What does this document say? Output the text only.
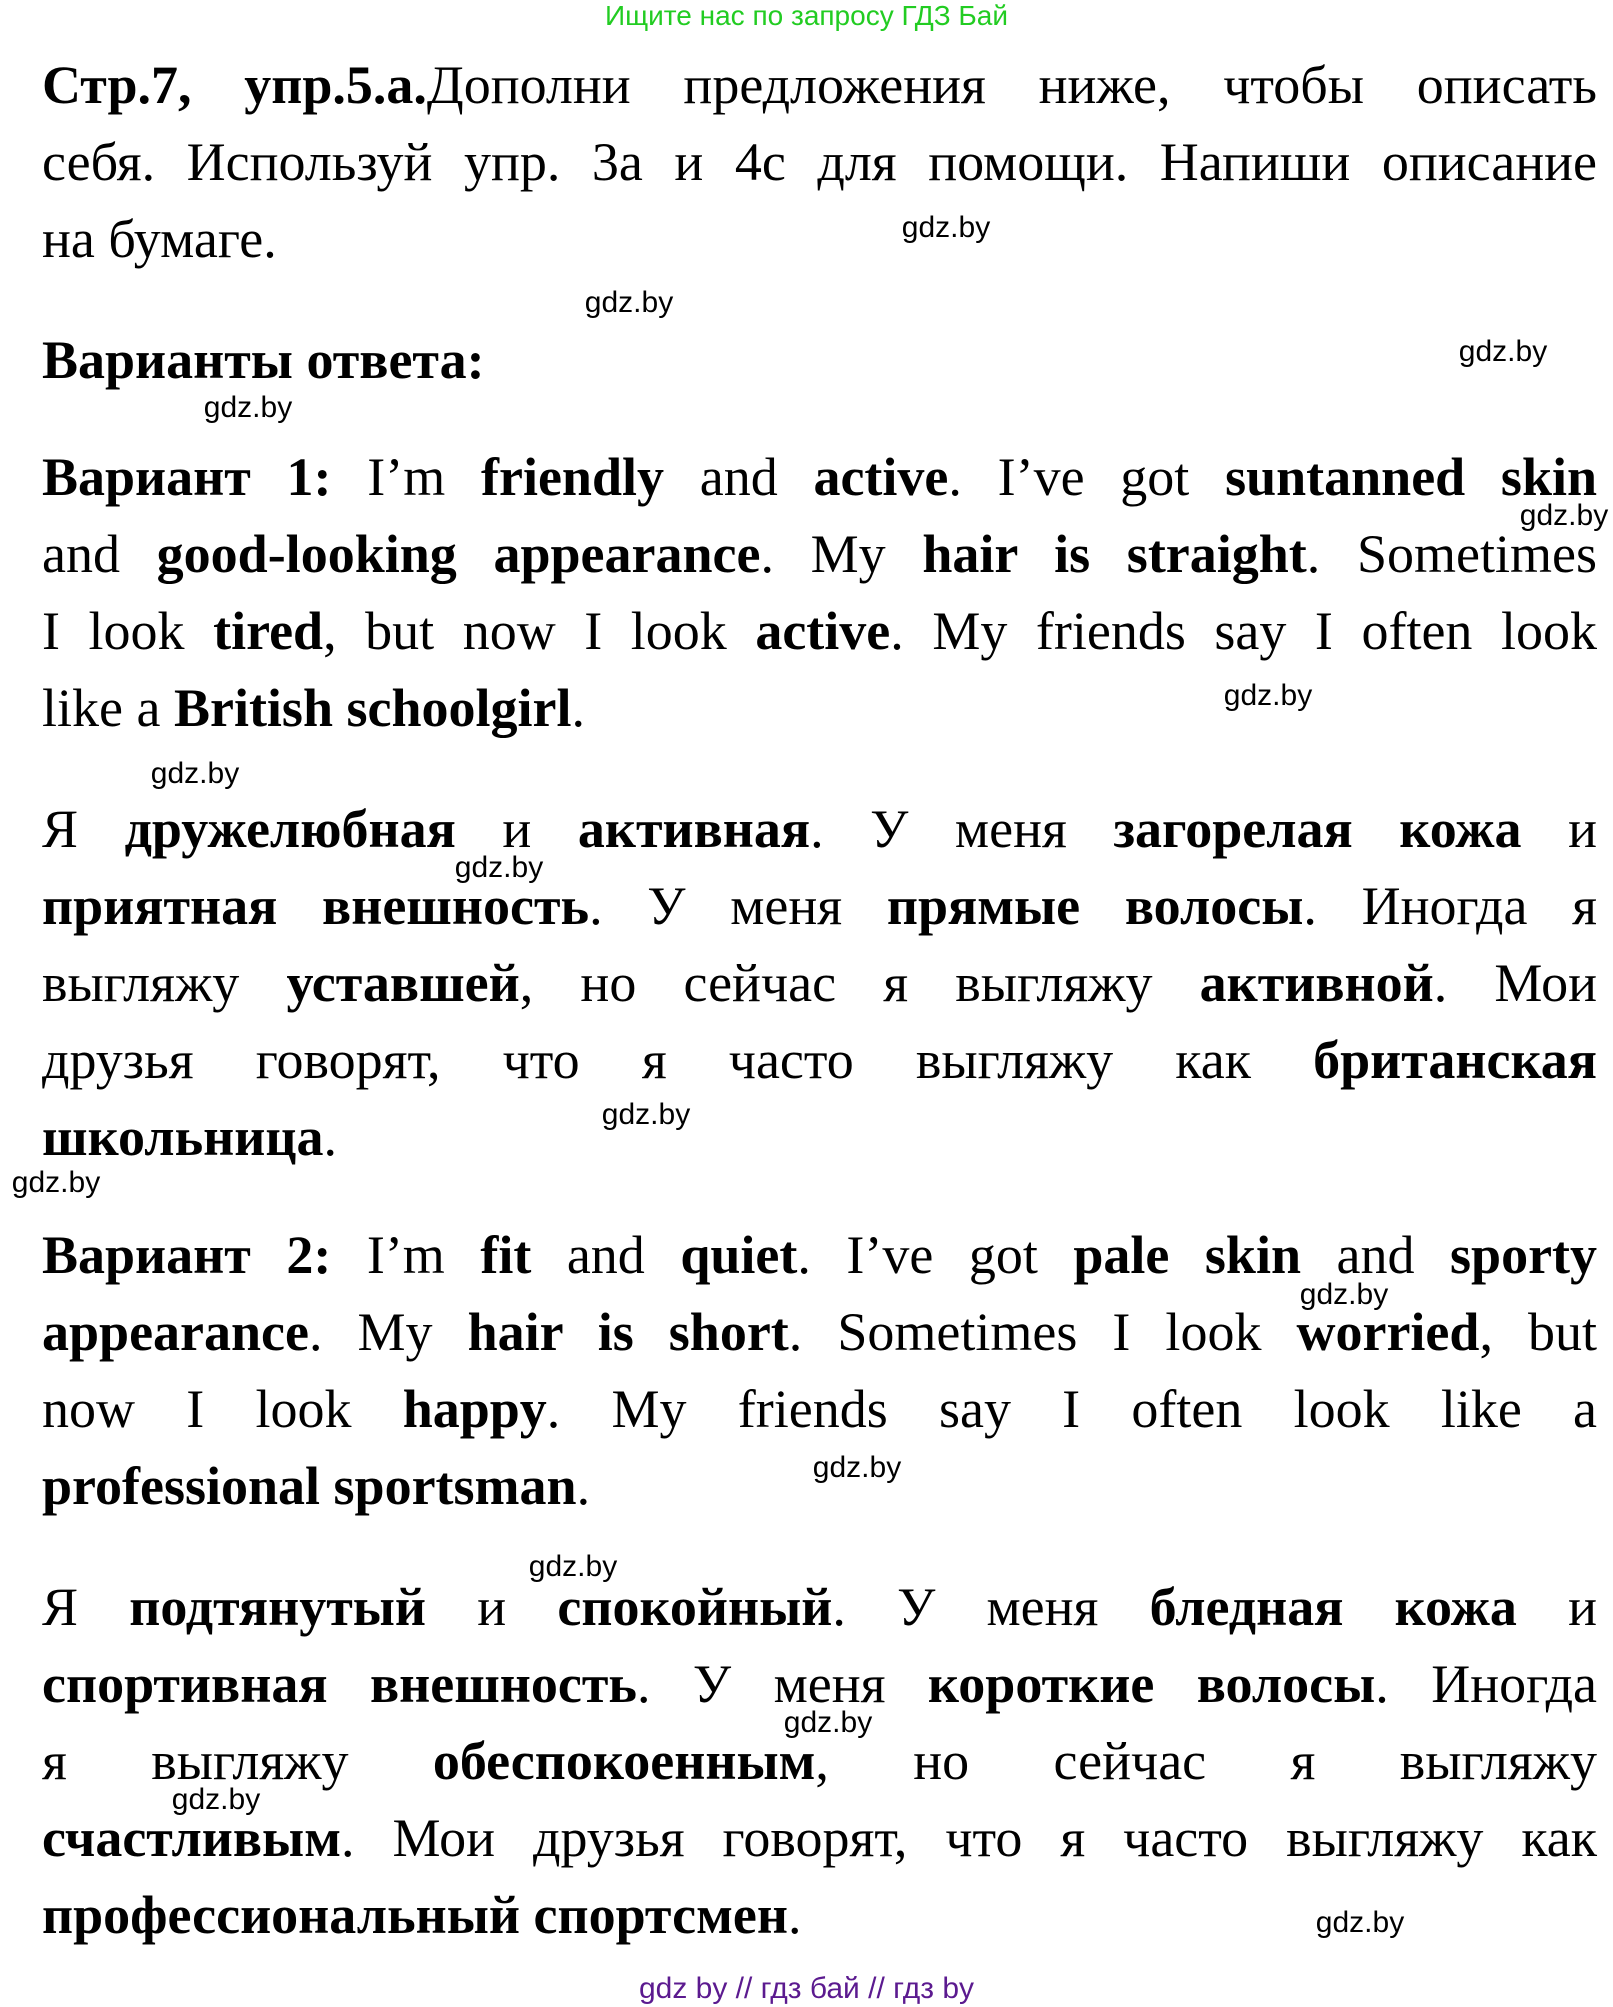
Ищите нас по запросу ГДЗ Бай
Стр.7, упр.5.а.Дополни предложения ниже, чтобы описать
себя. Используй упр. 3а и 4с для помощи. Напиши описание
на бумаге.
Варианты ответа:
Вариант 1: I’m friendly and active. I’ve got suntanned skin
and good-looking appearance. My hair is straight. Sometimes
I look tired, but now I look active. My friends say I often look
like a British schoolgirl.
Я дружелюбная и активная. У меня загорелая кожа и
приятная внешность. У меня прямые волосы. Иногда я
выгляжу уставшей, но сейчас я выгляжу активной. Мои
друзья говорят, что я часто выгляжу как британская
школьница.
Вариант 2: I’m fit and quiet. I’ve got pale skin and sporty
appearance. My hair is short. Sometimes I look worried, but
now I look happy. My friends say I often look like a
professional sportsman.
Я подтянутый и спокойный. У меня бледная кожа и
спортивная внешность. У меня короткие волосы. Иногда
я выгляжу обеспокоенным, но сейчас я выгляжу
счастливым. Мои друзья говорят, что я часто выгляжу как
профессиональный спортсмен.
gdz.by
gdz.by
gdz.by
gdz.by
gdz.by
gdz.by
gdz.by
gdz.by
gdz.by
gdz.by
gdz.by
gdz.by
gdz.by
gdz.by
gdz.by
gdz.by
gdz by // гдз бай // гдз by
